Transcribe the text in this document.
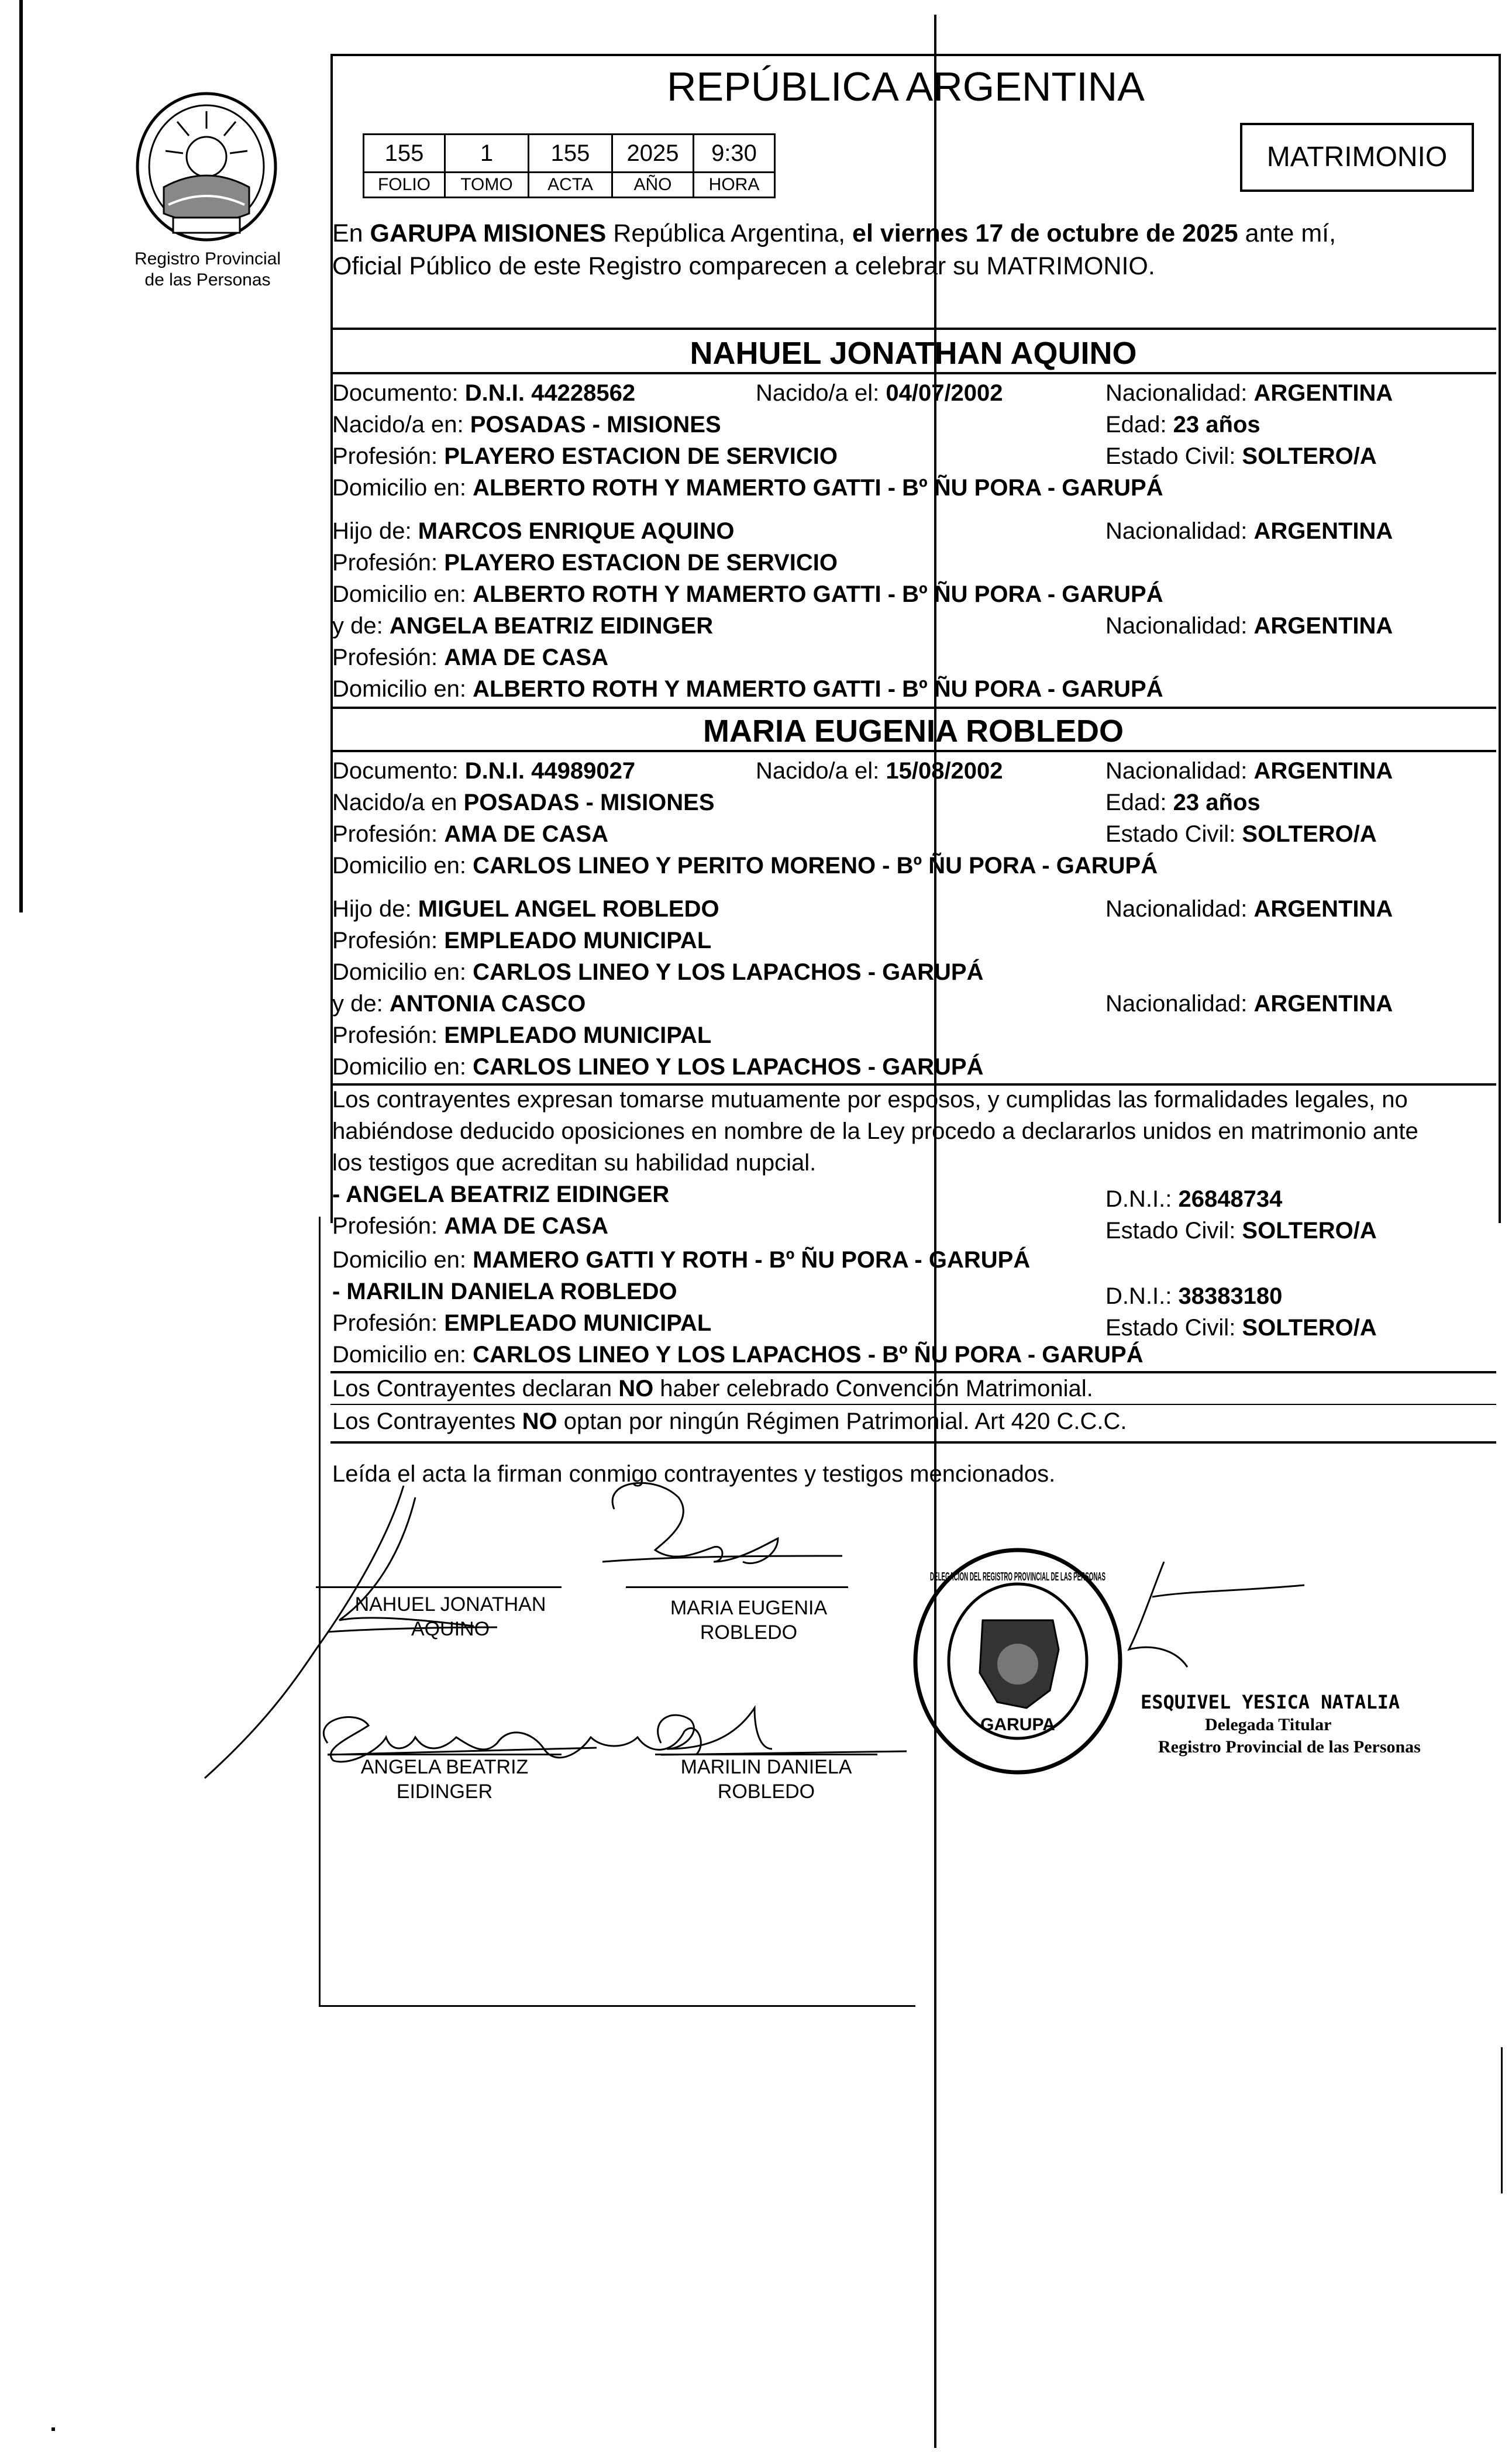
Registro Provincial
de las Personas
REPÚBLICA ARGENTINA
155	1	155	2025	9:30
FOLIO	TOMO	ACTA	AÑO	HORA
MATRIMONIO
En GARUPA MISIONES República Argentina, el viernes 17 de octubre de 2025 ante mí,
Oficial Público de este Registro comparecen a celebrar su MATRIMONIO.
NAHUEL JONATHAN AQUINO
Documento: D.N.I. 44228562	Nacido/a el: 04/07/2002	Nacionalidad: ARGENTINA
Nacido/a en: POSADAS - MISIONES	Edad: 23 años
Profesión: PLAYERO ESTACION DE SERVICIO	Estado Civil: SOLTERO/A
Domicilio en: ALBERTO ROTH Y MAMERTO GATTI - Bº ÑU PORA - GARUPÁ
Hijo de: MARCOS ENRIQUE AQUINO	Nacionalidad: ARGENTINA
Profesión: PLAYERO ESTACION DE SERVICIO
Domicilio en: ALBERTO ROTH Y MAMERTO GATTI - Bº ÑU PORA - GARUPÁ
y de: ANGELA BEATRIZ EIDINGER	Nacionalidad: ARGENTINA
Profesión: AMA DE CASA
Domicilio en: ALBERTO ROTH Y MAMERTO GATTI - Bº ÑU PORA - GARUPÁ
MARIA EUGENIA ROBLEDO
Documento: D.N.I. 44989027	Nacido/a el: 15/08/2002	Nacionalidad: ARGENTINA
Nacido/a en POSADAS - MISIONES	Edad: 23 años
Profesión: AMA DE CASA	Estado Civil: SOLTERO/A
Domicilio en: CARLOS LINEO Y PERITO MORENO - Bº ÑU PORA - GARUPÁ
Hijo de: MIGUEL ANGEL ROBLEDO	Nacionalidad: ARGENTINA
Profesión: EMPLEADO MUNICIPAL
Domicilio en: CARLOS LINEO Y LOS LAPACHOS - GARUPÁ
y de: ANTONIA CASCO	Nacionalidad: ARGENTINA
Profesión: EMPLEADO MUNICIPAL
Domicilio en: CARLOS LINEO Y LOS LAPACHOS - GARUPÁ
Los contrayentes expresan tomarse mutuamente por esposos, y cumplidas las formalidades legales, no
habiéndose deducido oposiciones en nombre de la Ley procedo a declararlos unidos en matrimonio ante
los testigos que acreditan su habilidad nupcial.
- ANGELA BEATRIZ EIDINGER	D.N.I.: 26848734
Profesión: AMA DE CASA	Estado Civil: SOLTERO/A
Domicilio en: MAMERO GATTI Y ROTH - Bº ÑU PORA - GARUPÁ
- MARILIN DANIELA ROBLEDO	D.N.I.: 38383180
Profesión: EMPLEADO MUNICIPAL	Estado Civil: SOLTERO/A
Domicilio en: CARLOS LINEO Y LOS LAPACHOS - Bº ÑU PORA - GARUPÁ
Los Contrayentes declaran NO haber celebrado Convención Matrimonial.
Los Contrayentes NO optan por ningún Régimen Patrimonial. Art 420 C.C.C.
Leída el acta la firman conmigo contrayentes y testigos mencionados.
NAHUEL JONATHAN
AQUINO
MARIA EUGENIA
ROBLEDO
ANGELA BEATRIZ
EIDINGER
MARILIN DANIELA
ROBLEDO
GARUPA
DELEGACION DEL REGISTRO PROVINCIAL DE LAS PERSONAS
ESQUIVEL YESICA NATALIA
Delegada Titular
Registro Provincial de las Personas
